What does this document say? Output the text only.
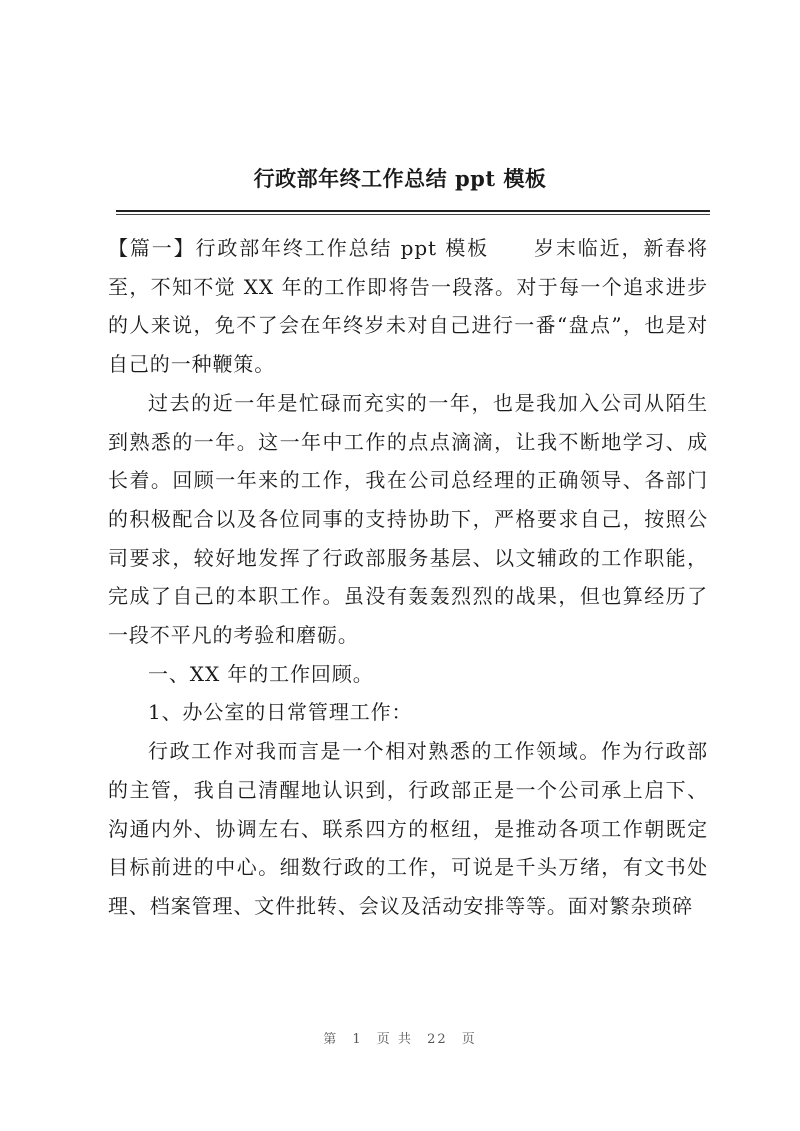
行政部年终工作总结 ppt 模板

【篇一】行政部年终工作总结 ppt 模板 岁末临近，新春将至，不知不觉 XX 年的工作即将告一段落。对于每一个追求进步的人来说，免不了会在年终岁未对自己进行一番“盘点”，也是对自己的一种鞭策。

过去的近一年是忙碌而充实的一年，也是我加入公司从陌生到熟悉的一年。这一年中工作的点点滴滴，让我不断地学习、成长着。回顾一年来的工作，我在公司总经理的正确领导、各部门的积极配合以及各位同事的支持协助下，严格要求自己，按照公司要求，较好地发挥了行政部服务基层、以文辅政的工作职能，完成了自己的本职工作。虽没有轰轰烈烈的战果，但也算经历了一段不平凡的考验和磨砺。

一、XX 年的工作回顾。

1、办公室的日常管理工作：

行政工作对我而言是一个相对熟悉的工作领域。作为行政部的主管，我自己清醒地认识到，行政部正是一个公司承上启下、沟通内外、协调左右、联系四方的枢纽，是推动各项工作朝既定目标前进的中心。细数行政的工作，可说是千头万绪，有文书处理、档案管理、文件批转、会议及活动安排等等。面对繁杂琐碎

第 1 页 共 22 页
